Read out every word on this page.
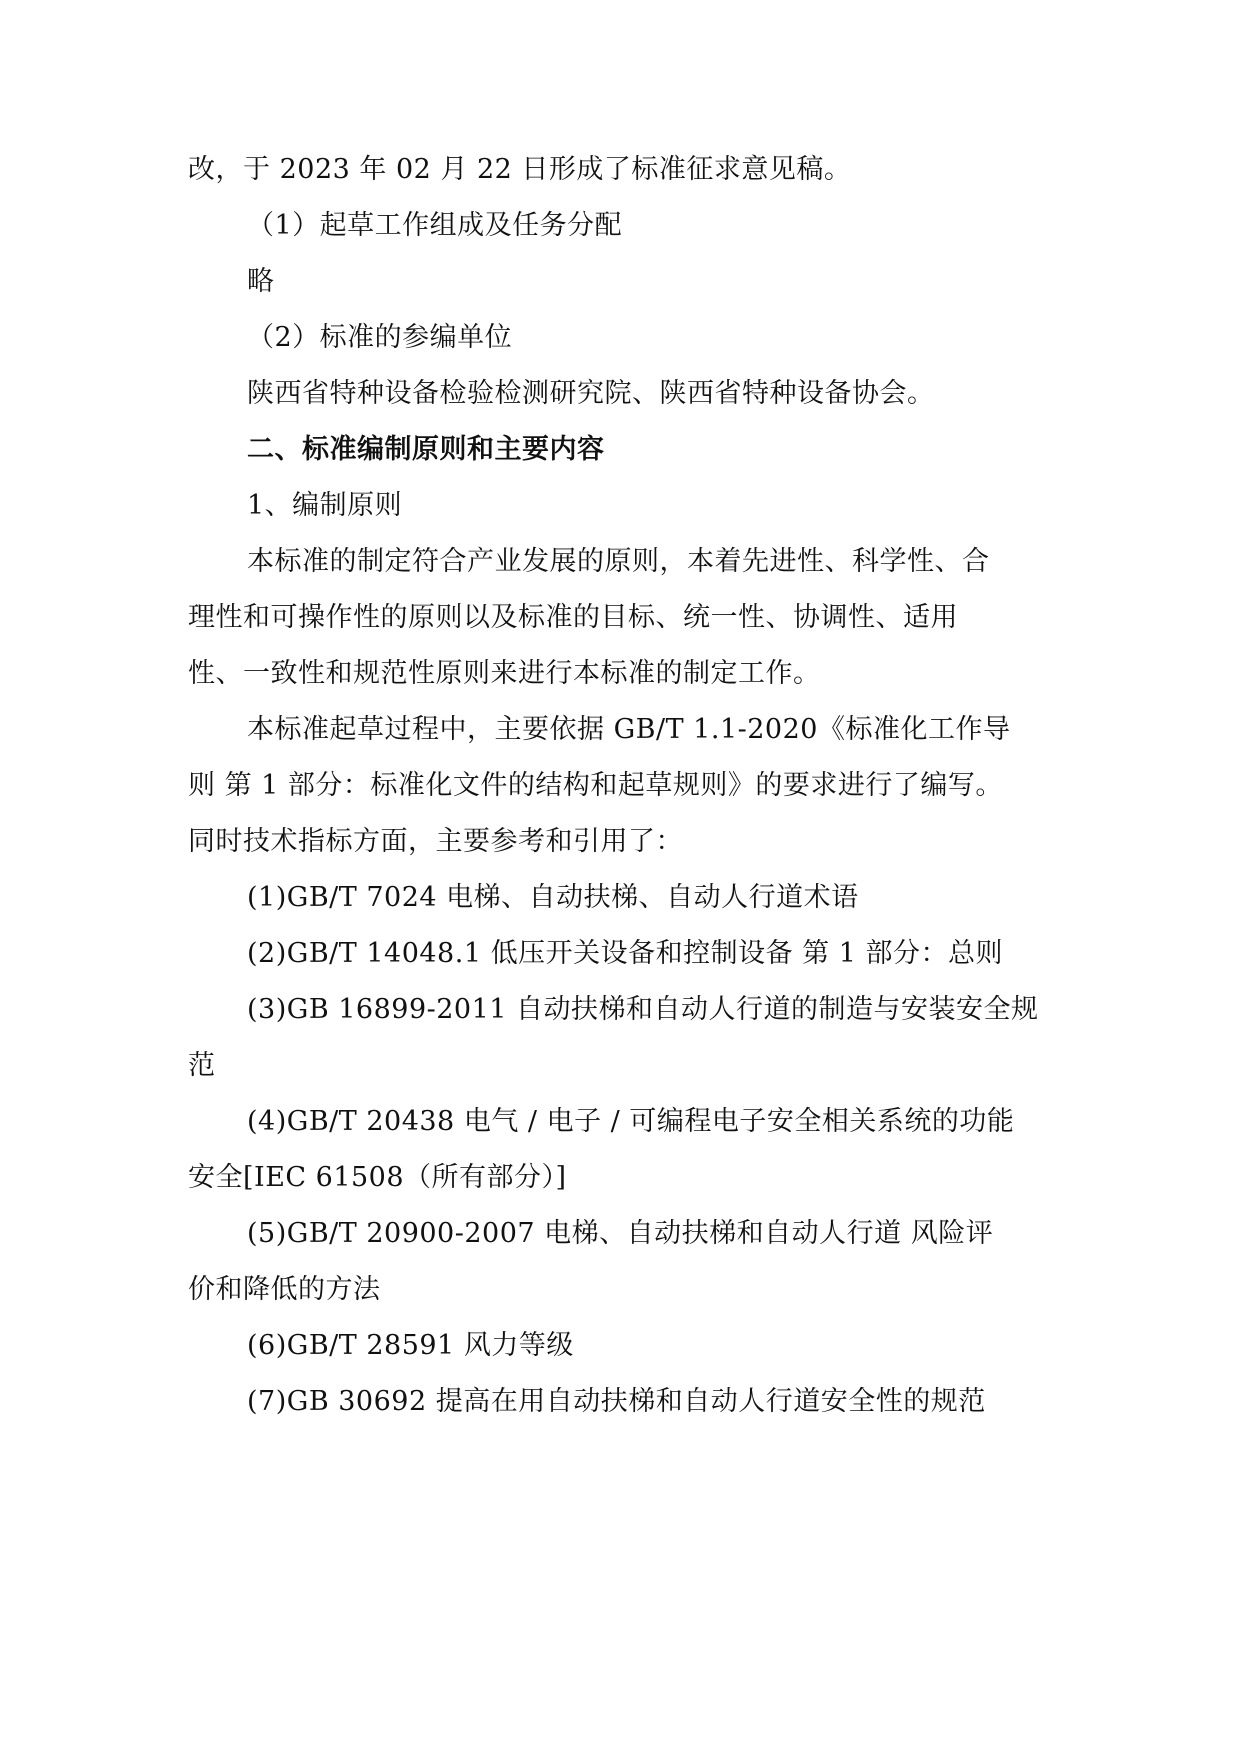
改，于 2023 年 02 月 22 日形成了标准征求意见稿。
（1）起草工作组成及任务分配
略
（2）标准的参编单位
陕西省特种设备检验检测研究院、陕西省特种设备协会。
二、标准编制原则和主要内容
1、编制原则
本标准的制定符合产业发展的原则，本着先进性、科学性、合
理性和可操作性的原则以及标准的目标、统一性、协调性、适用
性、一致性和规范性原则来进行本标准的制定工作。
本标准起草过程中，主要依据 GB/T 1.1-2020《标准化工作导
则 第 1 部分：标准化文件的结构和起草规则》的要求进行了编写。
同时技术指标方面，主要参考和引用了：
(1)GB/T 7024 电梯、自动扶梯、自动人行道术语
(2)GB/T 14048.1 低压开关设备和控制设备 第 1 部分：总则
(3)GB 16899-2011 自动扶梯和自动人行道的制造与安装安全规
范
(4)GB/T 20438 电气 / 电子 / 可编程电子安全相关系统的功能
安全[IEC 61508（所有部分）]
(5)GB/T 20900-2007 电梯、自动扶梯和自动人行道 风险评
价和降低的方法
(6)GB/T 28591 风力等级
(7)GB 30692 提高在用自动扶梯和自动人行道安全性的规范
